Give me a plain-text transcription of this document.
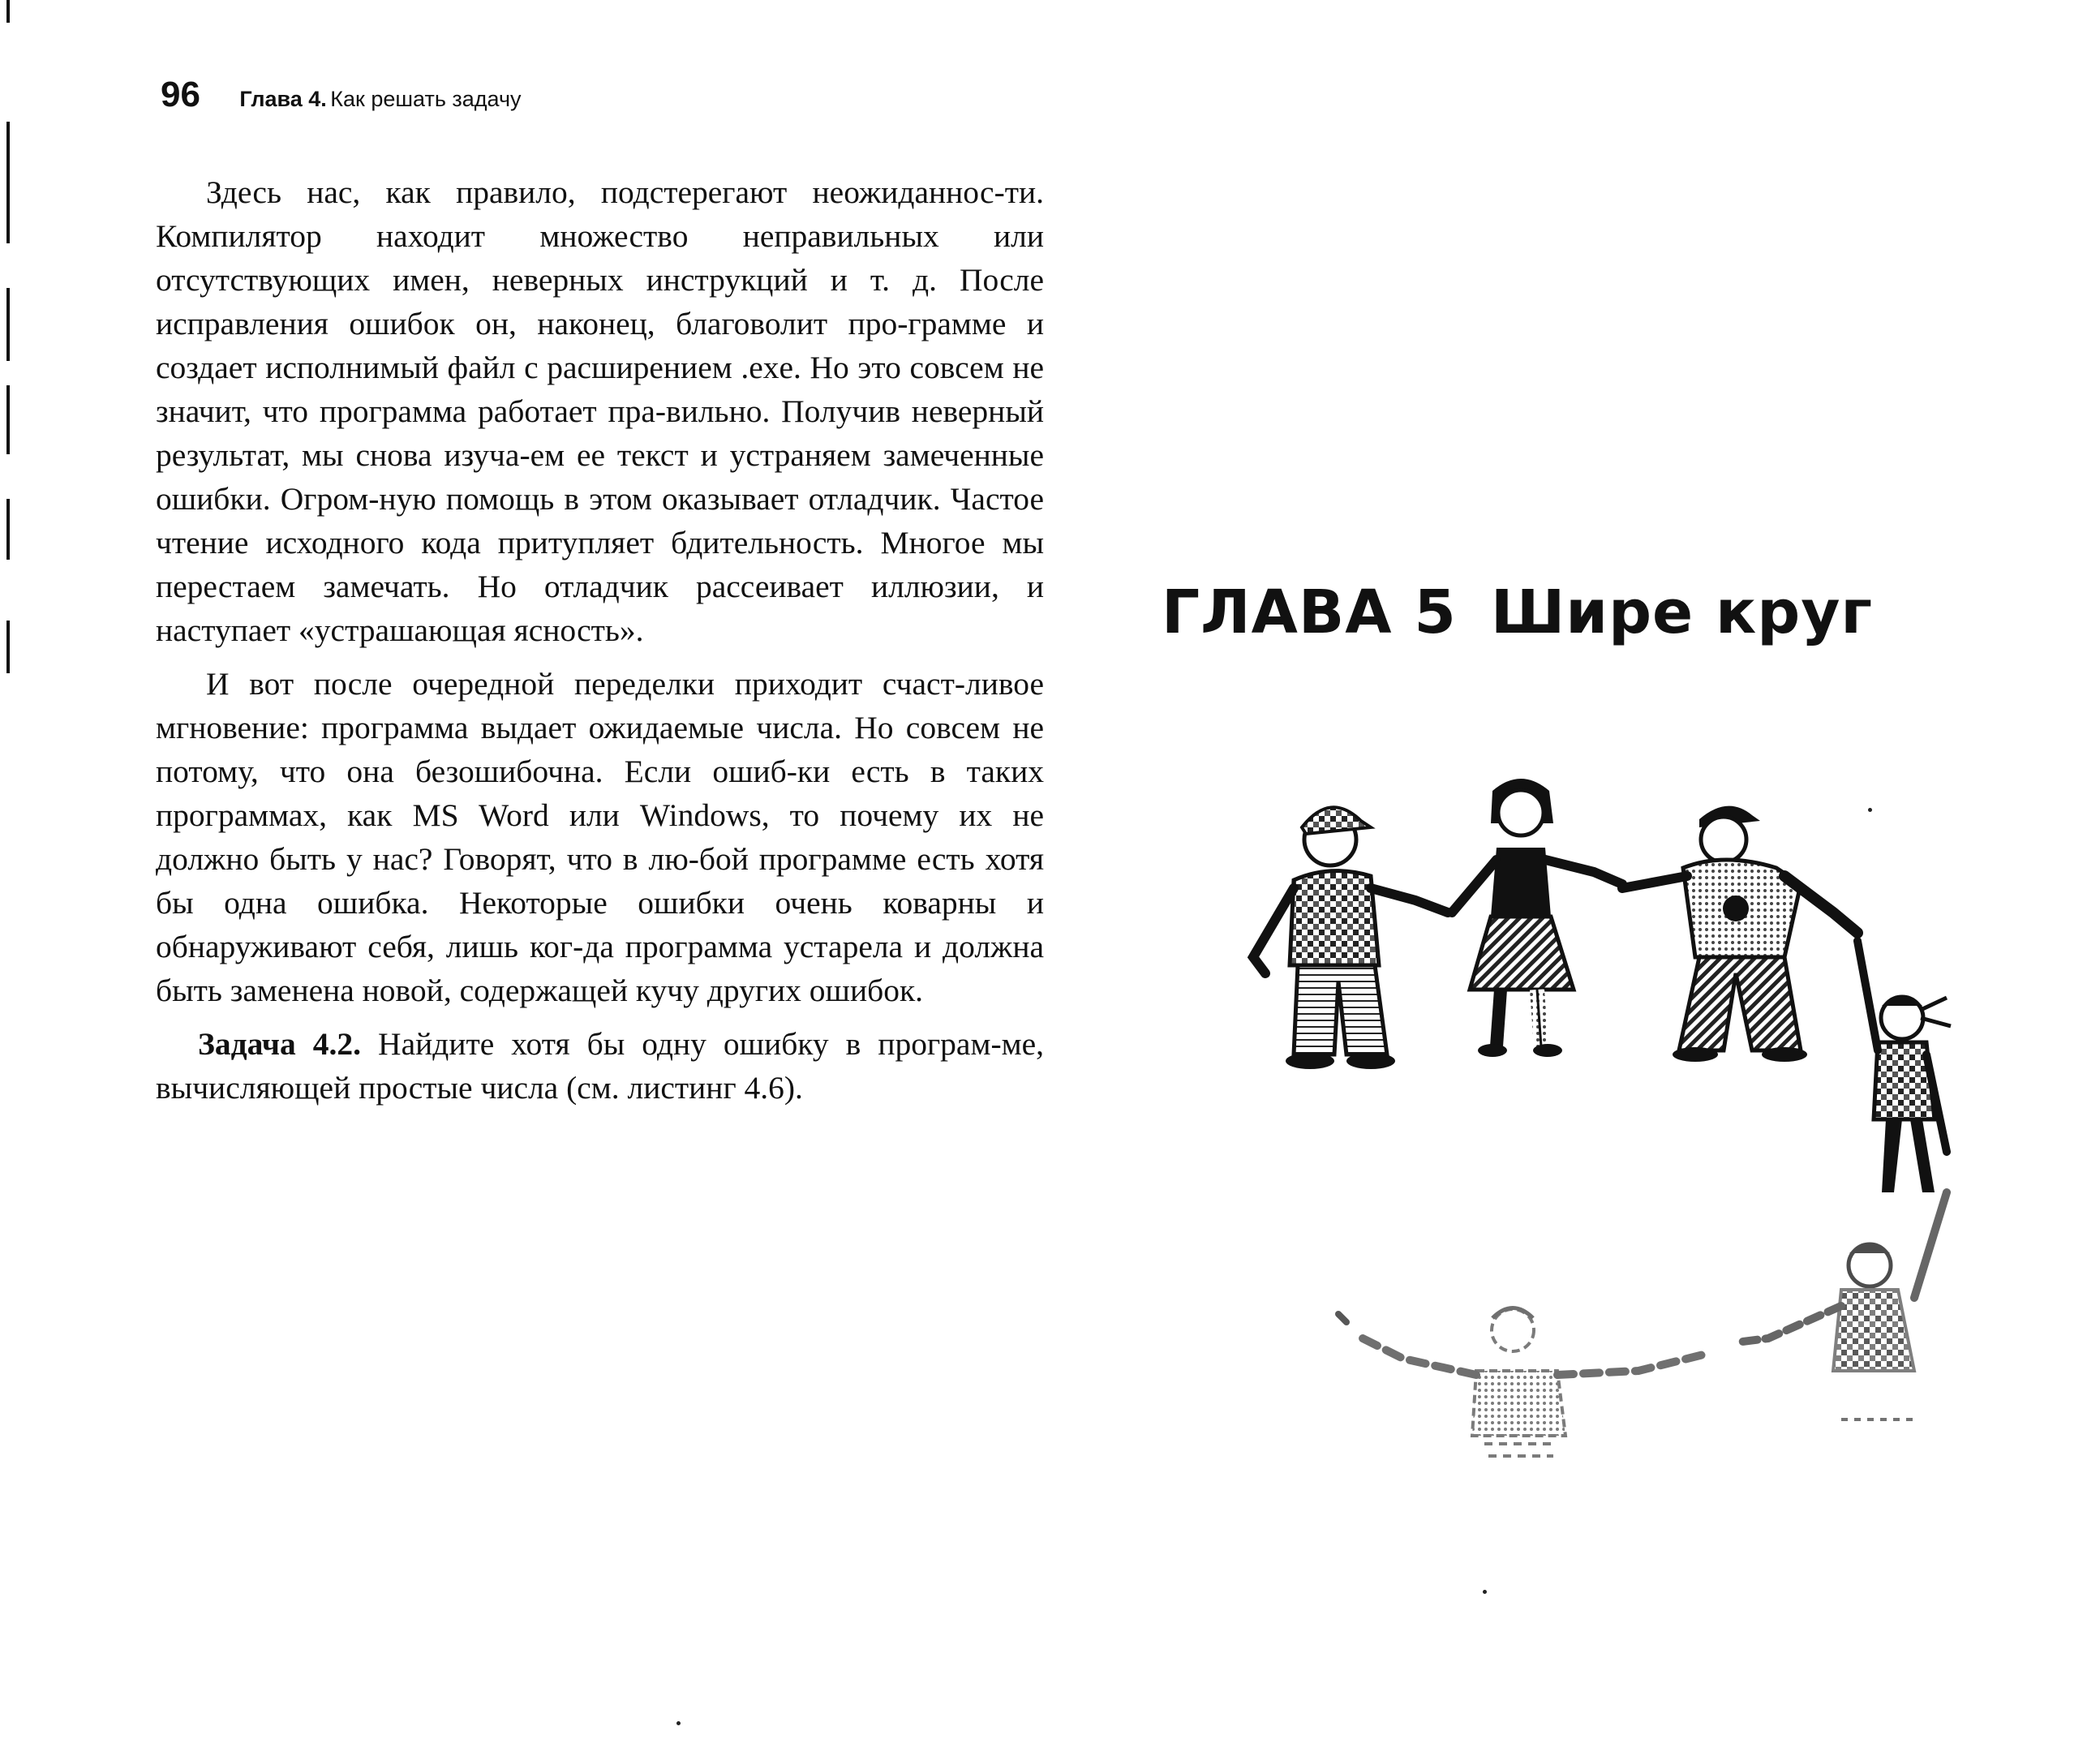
96 Глава 4. Как решать задачу

Здесь нас, как правило, подстерегают неожиданнос-ти. Компилятор находит множество неправильных или отсутствующих имен, неверных инструкций и т. д. После исправления ошибок он, наконец, благоволит про-грамме и создает исполнимый файл с расширением .exe. Но это совсем не значит, что программа работает пра-вильно. Получив неверный результат, мы снова изуча-ем ее текст и устраняем замеченные ошибки. Огром-ную помощь в этом оказывает отладчик. Частое чтение исходного кода притупляет бдительность. Многое мы перестаем замечать. Но отладчик рассеивает иллюзии, и наступает «устрашающая ясность».

И вот после очередной переделки приходит счаст-ливое мгновение: программа выдает ожидаемые числа. Но совсем не потому, что она безошибочна. Если ошиб-ки есть в таких программах, как MS Word или Windows, то почему их не должно быть у нас? Говорят, что в лю-бой программе есть хотя бы одна ошибка. Некоторые ошибки очень коварны и обнаруживают себя, лишь ког-да программа устарела и должна быть заменена новой, содержащей кучу других ошибок.

Задача 4.2. Найдите хотя бы одну ошибку в програм-ме, вычисляющей простые числа (см. листинг 4.6).

ГЛАВА 5 Шире круг
